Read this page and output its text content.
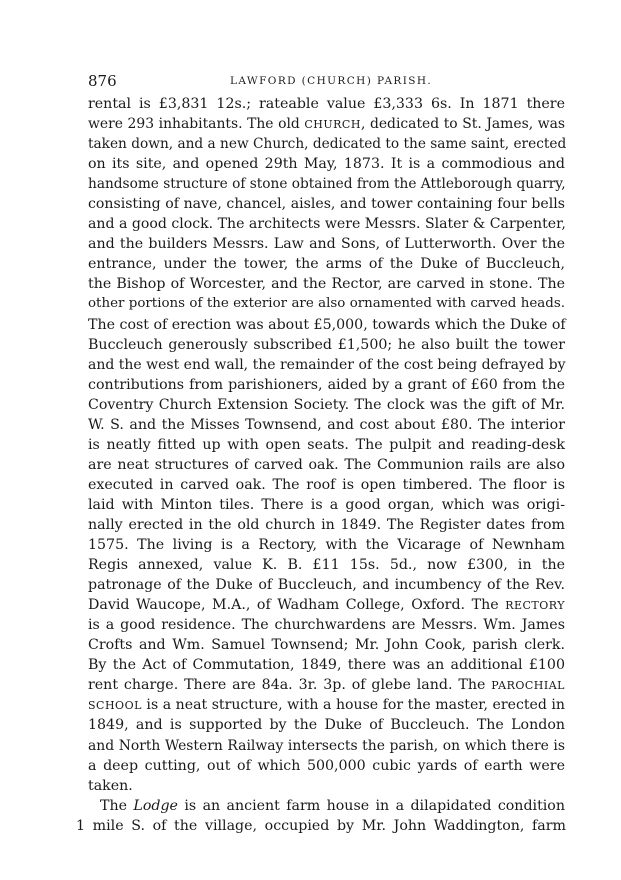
876	LAWFORD (CHURCH) PARISH.
rental is £3,831 12s.; rateable value £3,333 6s. In 1871 there
were 293 inhabitants. The old CHURCH, dedicated to St. James, was
taken down, and a new Church, dedicated to the same saint, erected
on its site, and opened 29th May, 1873. It is a commodious and
handsome structure of stone obtained from the Attleborough quarry,
consisting of nave, chancel, aisles, and tower containing four bells
and a good clock. The architects were Messrs. Slater & Carpenter,
and the builders Messrs. Law and Sons, of Lutterworth. Over the
entrance, under the tower, the arms of the Duke of Buccleuch,
the Bishop of Worcester, and the Rector, are carved in stone. The
other portions of the exterior are also ornamented with carved heads.
The cost of erection was about £5,000, towards which the Duke of
Buccleuch generously subscribed £1,500; he also built the tower
and the west end wall, the remainder of the cost being defrayed by
contributions from parishioners, aided by a grant of £60 from the
Coventry Church Extension Society. The clock was the gift of Mr.
W. S. and the Misses Townsend, and cost about £80. The interior
is neatly fitted up with open seats. The pulpit and reading-desk
are neat structures of carved oak. The Communion rails are also
executed in carved oak. The roof is open timbered. The floor is
laid with Minton tiles. There is a good organ, which was origi-
nally erected in the old church in 1849. The Register dates from
1575. The living is a Rectory, with the Vicarage of Newnham
Regis annexed, value K. B. £11 15s. 5d., now £300, in the
patronage of the Duke of Buccleuch, and incumbency of the Rev.
David Waucope, M.A., of Wadham College, Oxford. The RECTORY
is a good residence. The churchwardens are Messrs. Wm. James
Crofts and Wm. Samuel Townsend; Mr. John Cook, parish clerk.
By the Act of Commutation, 1849, there was an additional £100
rent charge. There are 84a. 3r. 3p. of glebe land. The PAROCHIAL
SCHOOL is a neat structure, with a house for the master, erected in
1849, and is supported by the Duke of Buccleuch. The London
and North Western Railway intersects the parish, on which there is
a deep cutting, out of which 500,000 cubic yards of earth were
taken.
The Lodge is an ancient farm house in a dilapidated condition
1 mile S. of the village, occupied by Mr. John Waddington, farm
